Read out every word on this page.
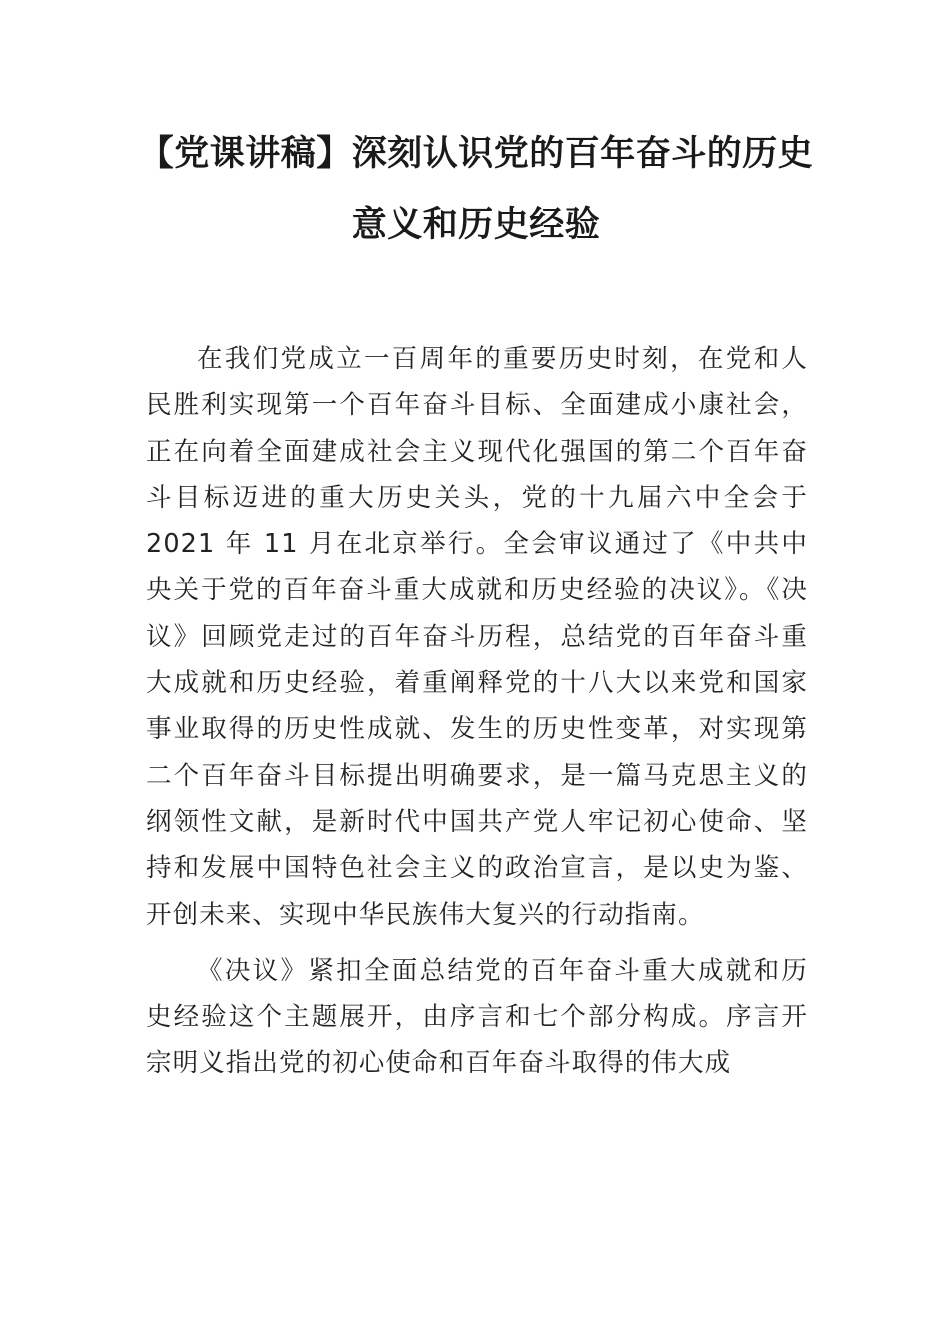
【党课讲稿】深刻认识党的百年奋斗的历史意义和历史经验

在我们党成立一百周年的重要历史时刻，在党和人民胜利实现第一个百年奋斗目标、全面建成小康社会，正在向着全面建成社会主义现代化强国的第二个百年奋斗目标迈进的重大历史关头，党的十九届六中全会于 2021 年 11 月在北京举行。全会审议通过了《中共中央关于党的百年奋斗重大成就和历史经验的决议》。《决议》回顾党走过的百年奋斗历程，总结党的百年奋斗重大成就和历史经验，着重阐释党的十八大以来党和国家事业取得的历史性成就、发生的历史性变革，对实现第二个百年奋斗目标提出明确要求，是一篇马克思主义的纲领性文献，是新时代中国共产党人牢记初心使命、坚持和发展中国特色社会主义的政治宣言，是以史为鉴、开创未来、实现中华民族伟大复兴的行动指南。

《决议》紧扣全面总结党的百年奋斗重大成就和历史经验这个主题展开，由序言和七个部分构成。序言开宗明义指出党的初心使命和百年奋斗取得的伟大成
